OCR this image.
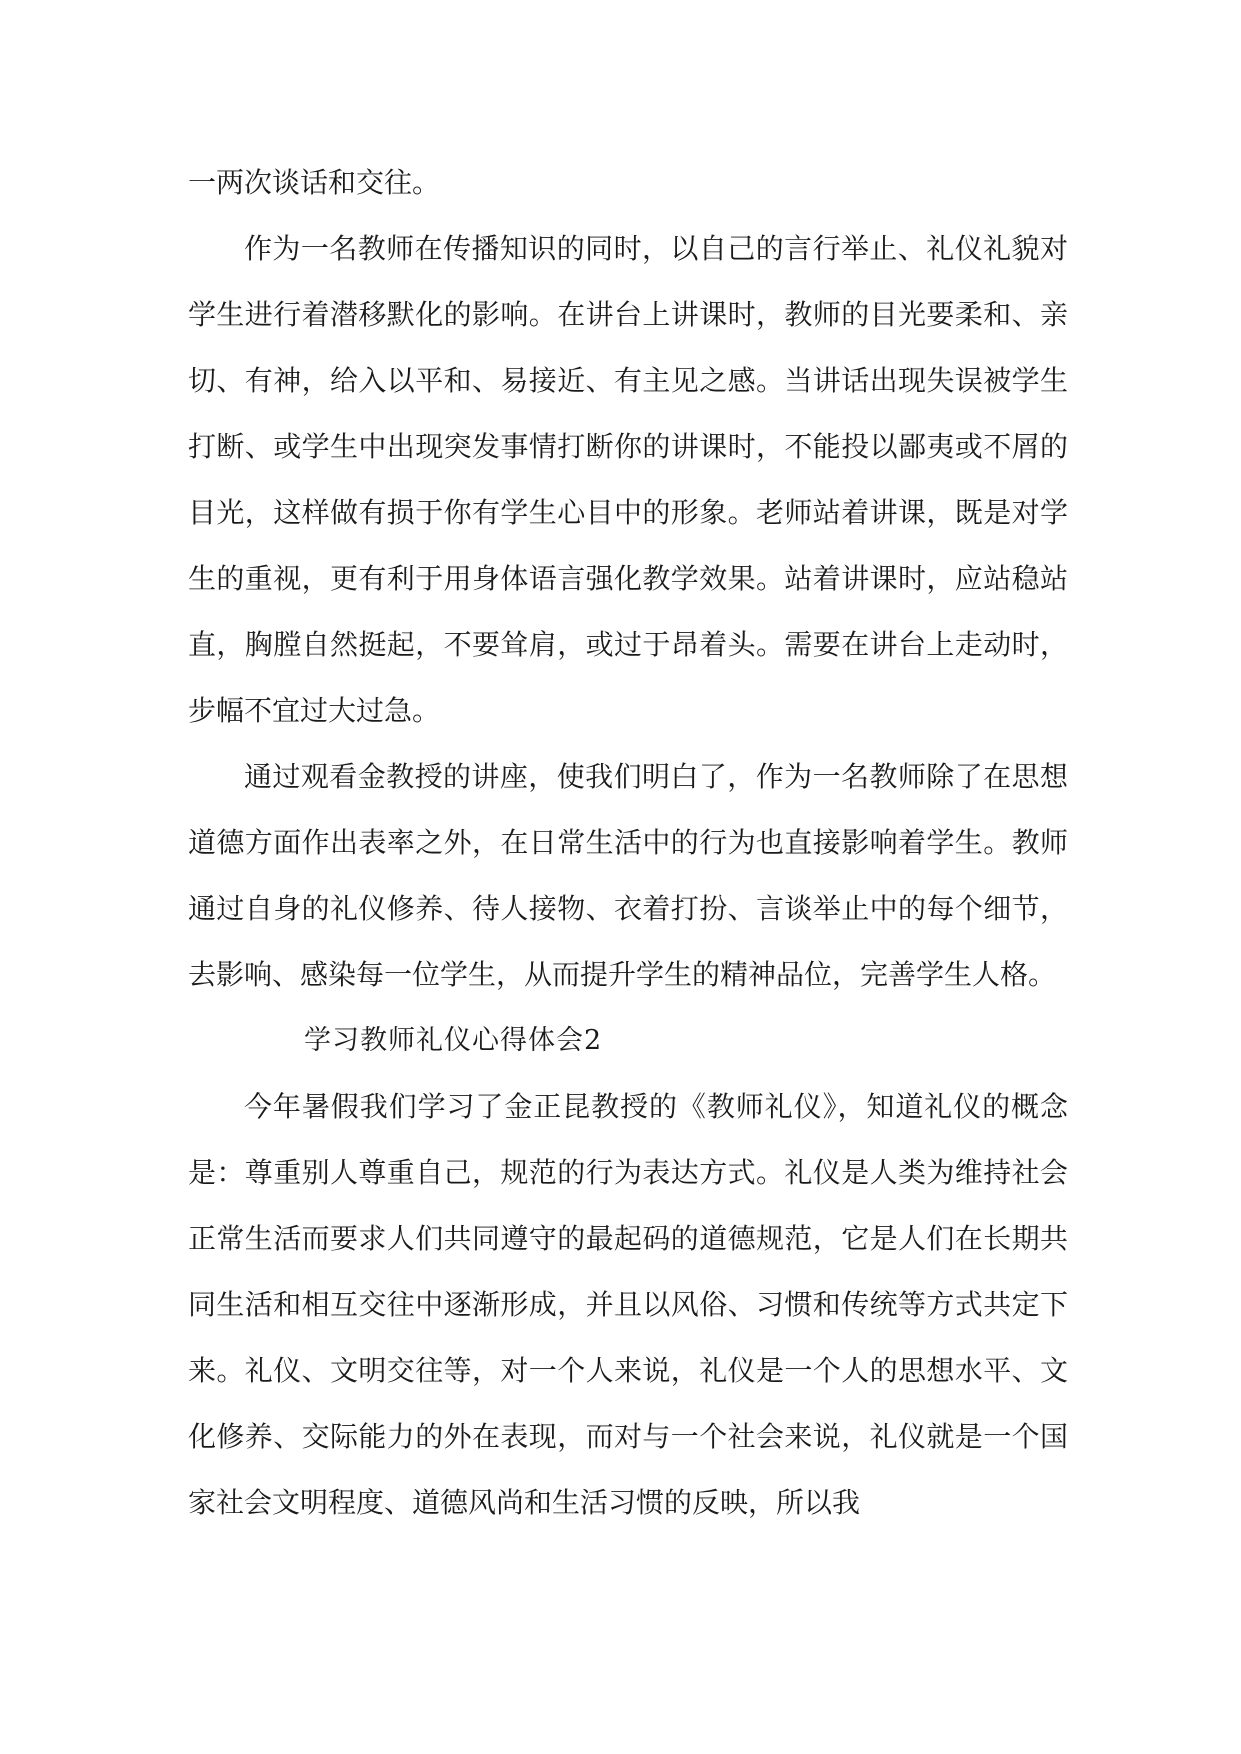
一两次谈话和交往。

作为一名教师在传播知识的同时，以自己的言行举止、礼仪礼貌对学生进行着潜移默化的影响。在讲台上讲课时，教师的目光要柔和、亲切、有神，给入以平和、易接近、有主见之感。当讲话出现失误被学生打断、或学生中出现突发事情打断你的讲课时，不能投以鄙夷或不屑的目光，这样做有损于你有学生心目中的形象。老师站着讲课，既是对学生的重视，更有利于用身体语言强化教学效果。站着讲课时，应站稳站直，胸膛自然挺起，不要耸肩，或过于昂着头。需要在讲台上走动时，步幅不宜过大过急。

通过观看金教授的讲座，使我们明白了，作为一名教师除了在思想道德方面作出表率之外，在日常生活中的行为也直接影响着学生。教师通过自身的礼仪修养、待人接物、衣着打扮、言谈举止中的每个细节，去影响、感染每一位学生，从而提升学生的精神品位，完善学生人格。

学习教师礼仪心得体会2

今年暑假我们学习了金正昆教授的《教师礼仪》，知道礼仪的概念是：尊重别人尊重自己，规范的行为表达方式。礼仪是人类为维持社会正常生活而要求人们共同遵守的最起码的道德规范，它是人们在长期共同生活和相互交往中逐渐形成，并且以风俗、习惯和传统等方式共定下来。礼仪、文明交往等，对一个人来说，礼仪是一个人的思想水平、文化修养、交际能力的外在表现，而对与一个社会来说，礼仪就是一个国家社会文明程度、道德风尚和生活习惯的反映，所以我
